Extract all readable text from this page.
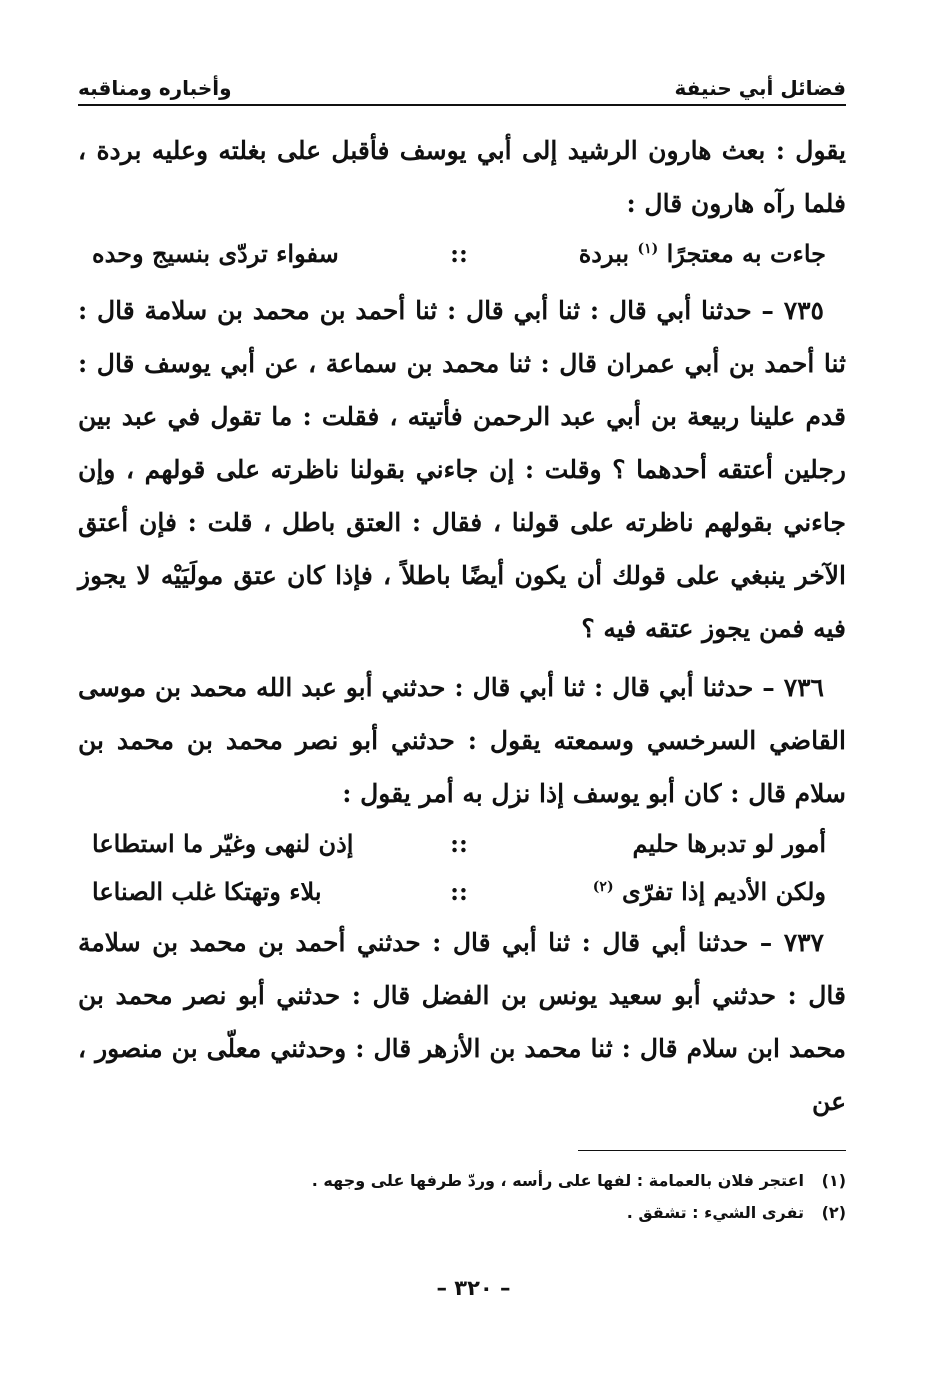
فضائل أبي حنيفة
وأخباره ومناقبه

يقول : بعث هارون الرشيد إلى أبي يوسف فأقبل على بغلته وعليه بردة ، فلما رآه هارون قال :

جاءت به معتجرًا $^{(١)}$ ببردة
::
سفواء تردّى بنسيج وحده

٧٣٥ – حدثنا أبي قال : ثنا أبي قال : ثنا أحمد بن محمد بن سلامة قال : ثنا أحمد بن أبي عمران قال : ثنا محمد بن سماعة ، عن أبي يوسف قال : قدم علينا ربيعة بن أبي عبد الرحمن فأتيته ، فقلت : ما تقول في عبد بين رجلين أعتقه أحدهما ؟ وقلت : إن جاءني بقولنا ناظرته على قولهم ، وإن جاءني بقولهم ناظرته على قولنا ، فقال : العتق باطل ، قلت : فإن أعتق الآخر ينبغي على قولك أن يكون أيضًا باطلاً ، فإذا كان عتق مولَيَيْه لا يجوز فيه فمن يجوز عتقه فيه ؟

٧٣٦ – حدثنا أبي قال : ثنا أبي قال : حدثني أبو عبد الله محمد بن موسى القاضي السرخسي وسمعته يقول : حدثني أبو نصر محمد بن محمد بن سلام قال : كان أبو يوسف إذا نزل به أمر يقول :

أمور لو تدبرها حليم
::
إذن لنهى وغيّر ما استطاعا
ولكن الأديم إذا تفرّى $^{(٢)}$
::
بلاء وتهتكا غلب الصناعا

٧٣٧ – حدثنا أبي قال : ثنا أبي قال : حدثني أحمد بن محمد بن سلامة قال : حدثني أبو سعيد يونس بن الفضل قال : حدثني أبو نصر محمد بن محمد ابن سلام قال : ثنا محمد بن الأزهر قال : وحدثني معلّى بن منصور ، عن

(١)
اعتجر فلان بالعمامة : لفها على رأسه ، وردّ طرفها على وجهه .
(٢)
تفرى الشيء : تشقق .
– ٣٢٠ –
